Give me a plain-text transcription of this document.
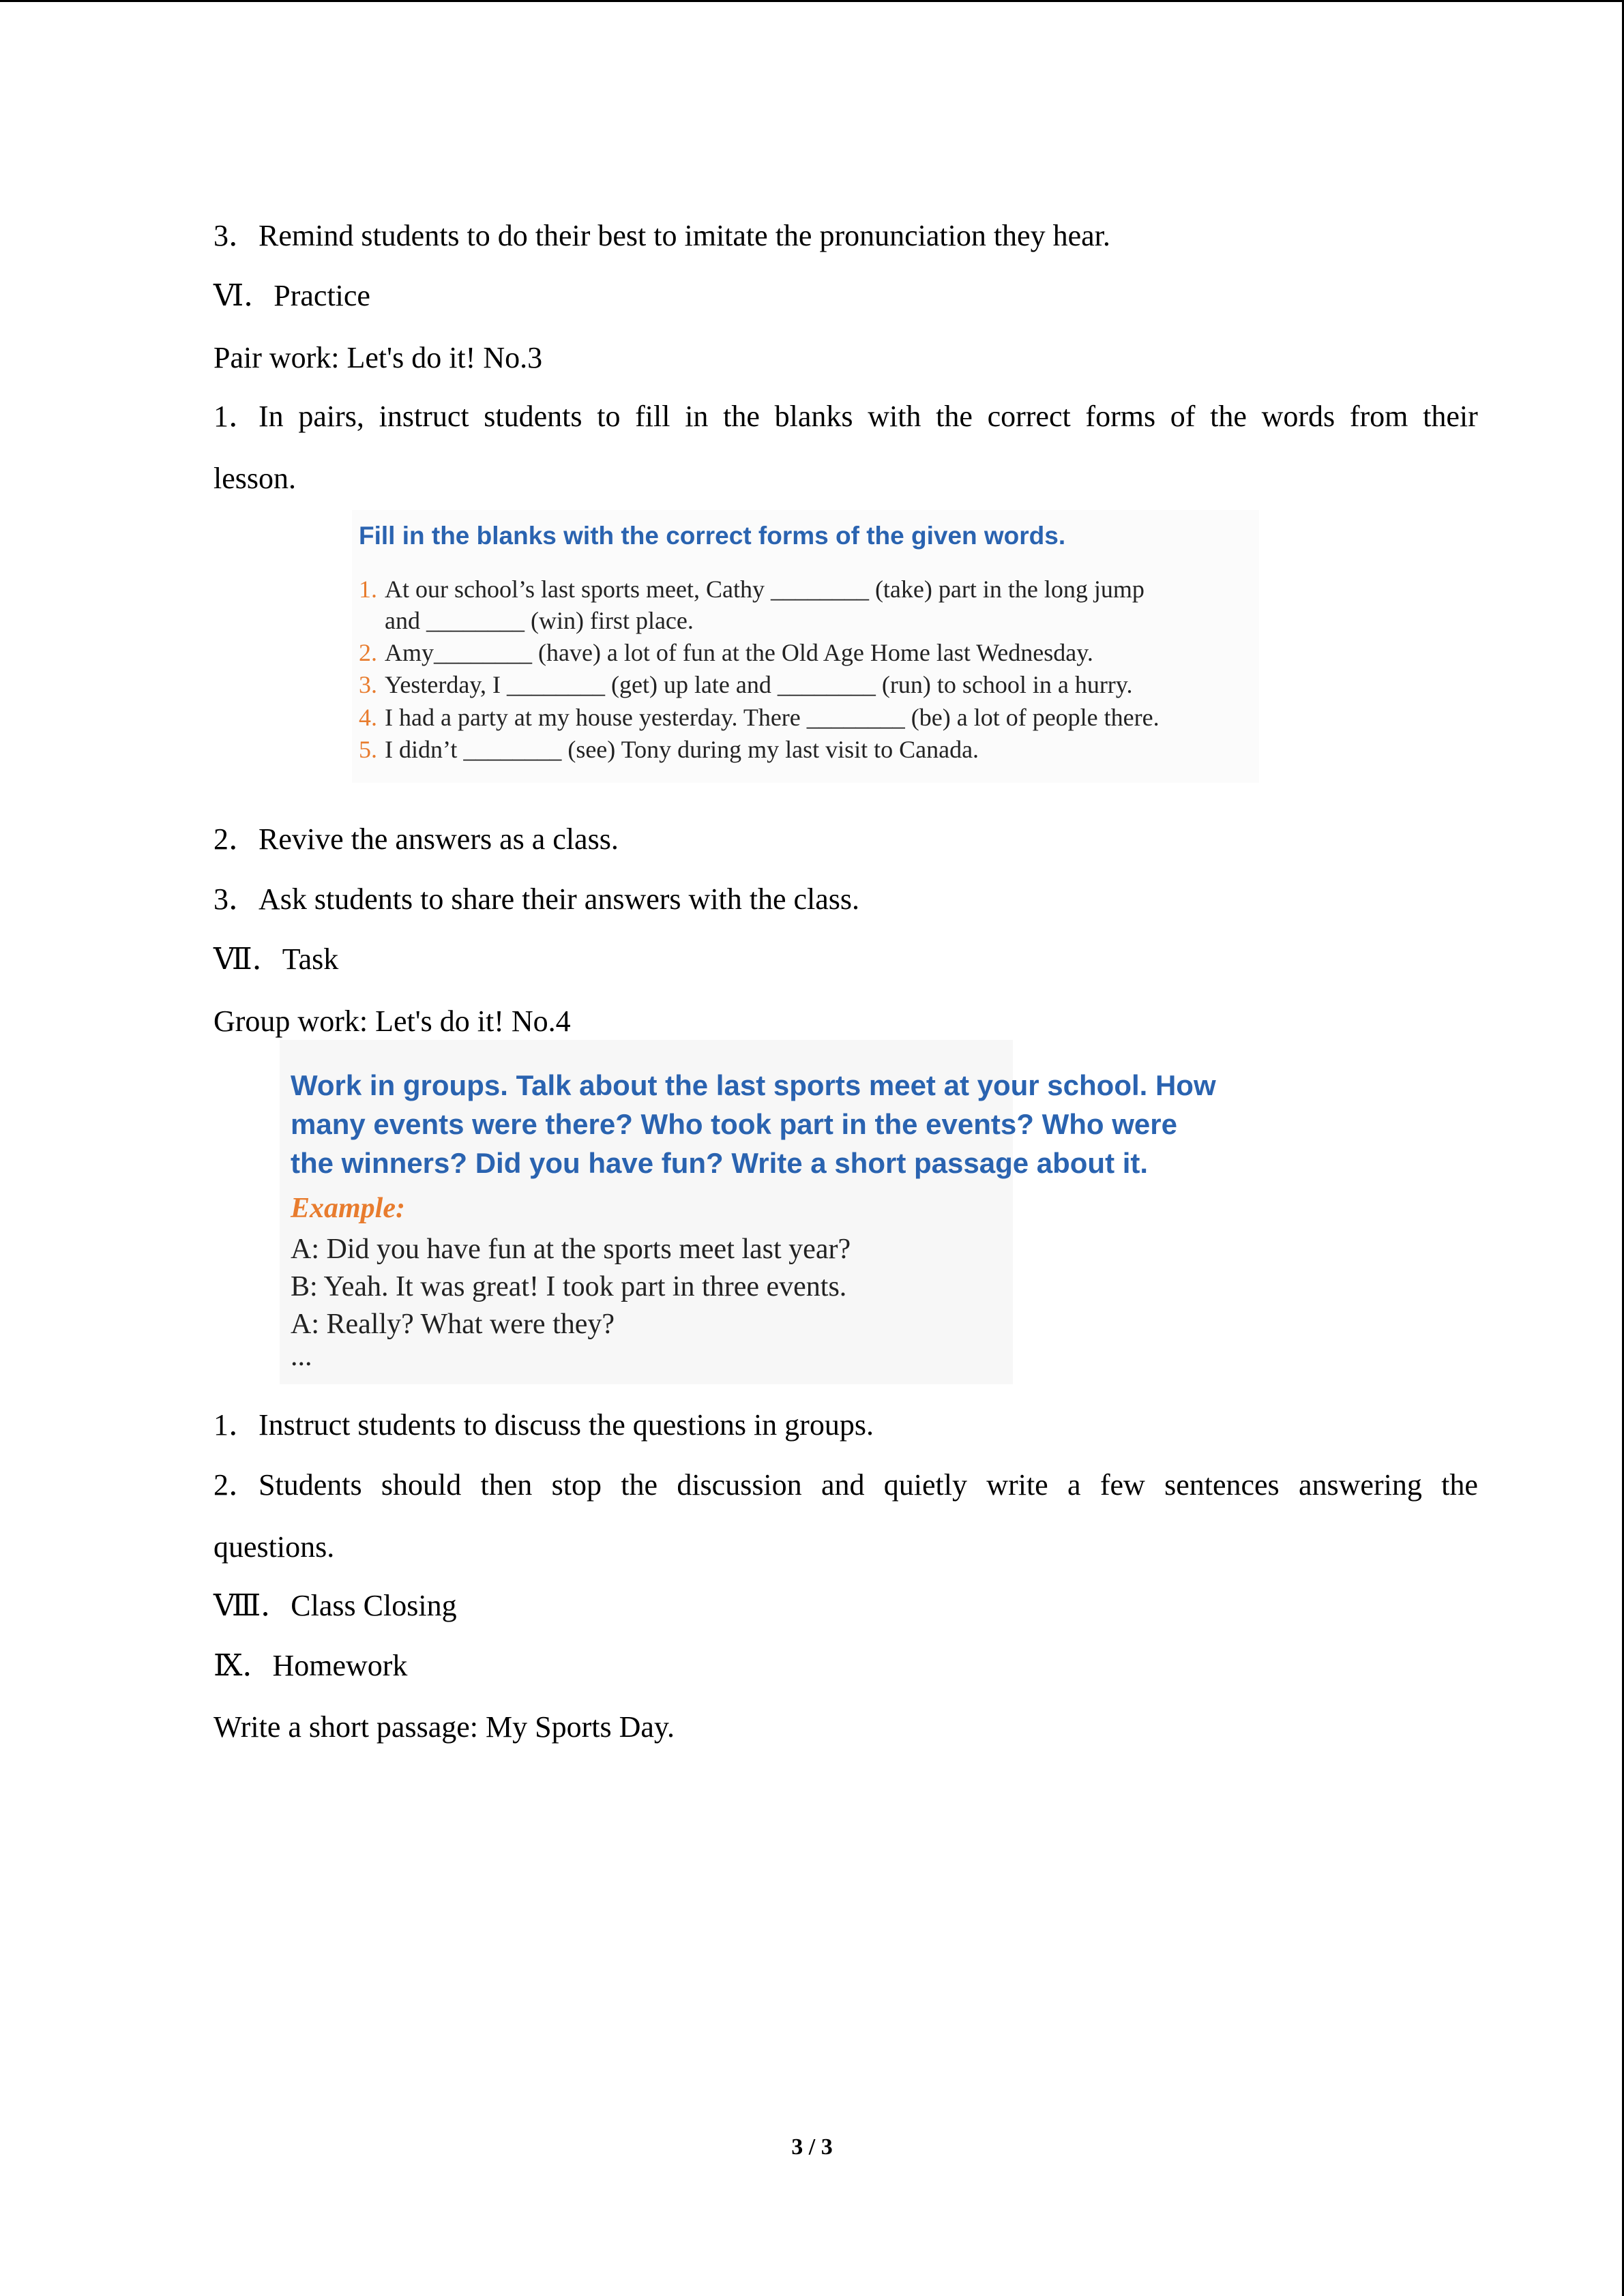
3．Remind students to do their best to imitate the pronunciation they hear.
Ⅵ．Practice
Pair work: Let's do it! No.3
1．In pairs, instruct students to fill in the blanks with the correct forms of the words from their
lesson.
Fill in the blanks with the correct forms of the given words.
1. At our school’s last sports meet, Cathy ________ (take) part in the long jump
and ________ (win) first place.
2. Amy________ (have) a lot of fun at the Old Age Home last Wednesday.
3. Yesterday, I ________ (get) up late and ________ (run) to school in a hurry.
4. I had a party at my house yesterday. There ________ (be) a lot of people there.
5. I didn’t ________ (see) Tony during my last visit to Canada.
2．Revive the answers as a class.
3．Ask students to share their answers with the class.
Ⅶ．Task
Group work: Let's do it! No.4
Work in groups. Talk about the last sports meet at your school. How
many events were there? Who took part in the events? Who were
the winners? Did you have fun? Write a short passage about it.
Example:
A: Did you have fun at the sports meet last year?
B: Yeah. It was great! I took part in three events.
A: Really? What were they?
...
1．Instruct students to discuss the questions in groups.
2．Students should then stop the discussion and quietly write a few sentences answering the
questions.
Ⅷ．Class Closing
Ⅸ．Homework
Write a short passage: My Sports Day.
3 / 3
